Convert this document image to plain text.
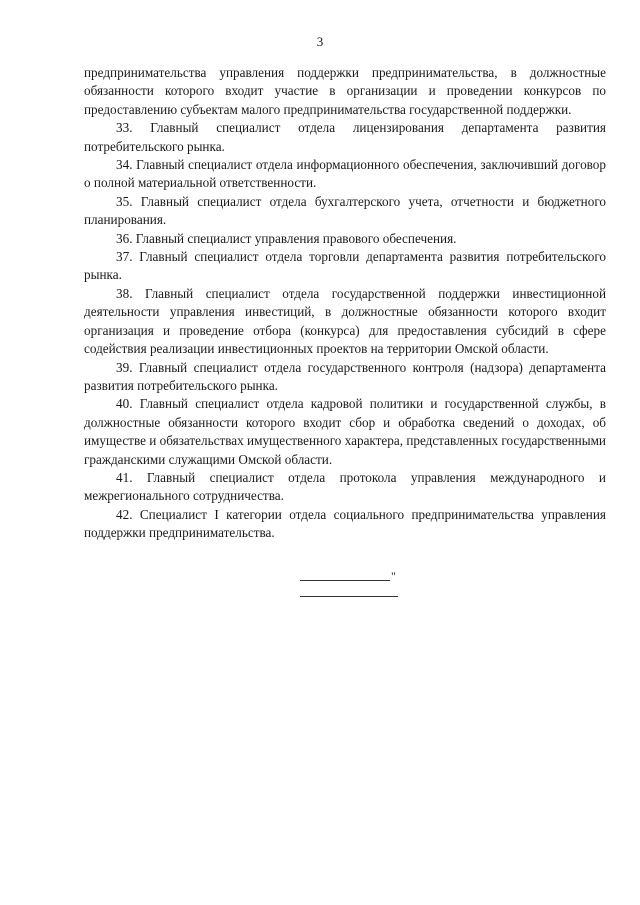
3

предпринимательства управления поддержки предпринимательства, в должностные обязанности которого входит участие в организации и проведении конкурсов по предоставлению субъектам малого предпринимательства государственной поддержки.

33. Главный специалист отдела лицензирования департамента развития потребительского рынка.

34. Главный специалист отдела информационного обеспечения, заключивший договор о полной материальной ответственности.

35. Главный специалист отдела бухгалтерского учета, отчетности и бюджетного планирования.

36. Главный специалист управления правового обеспечения.

37. Главный специалист отдела торговли департамента развития потребительского рынка.

38. Главный специалист отдела государственной поддержки инвестиционной деятельности управления инвестиций, в должностные обязанности которого входит организация и проведение отбора (конкурса) для предоставления субсидий в сфере содействия реализации инвестиционных проектов на территории Омской области.

39. Главный специалист отдела государственного контроля (надзора) департамента развития потребительского рынка.

40. Главный специалист отдела кадровой политики и государственной службы, в должностные обязанности которого входит сбор и обработка сведений о доходах, об имуществе и обязательствах имущественного характера, представленных государственными гражданскими служащими Омской области.

41. Главный специалист отдела протокола управления международного и межрегионального сотрудничества.

42. Специалист I категории отдела социального предпринимательства управления поддержки предпринимательства.

"
